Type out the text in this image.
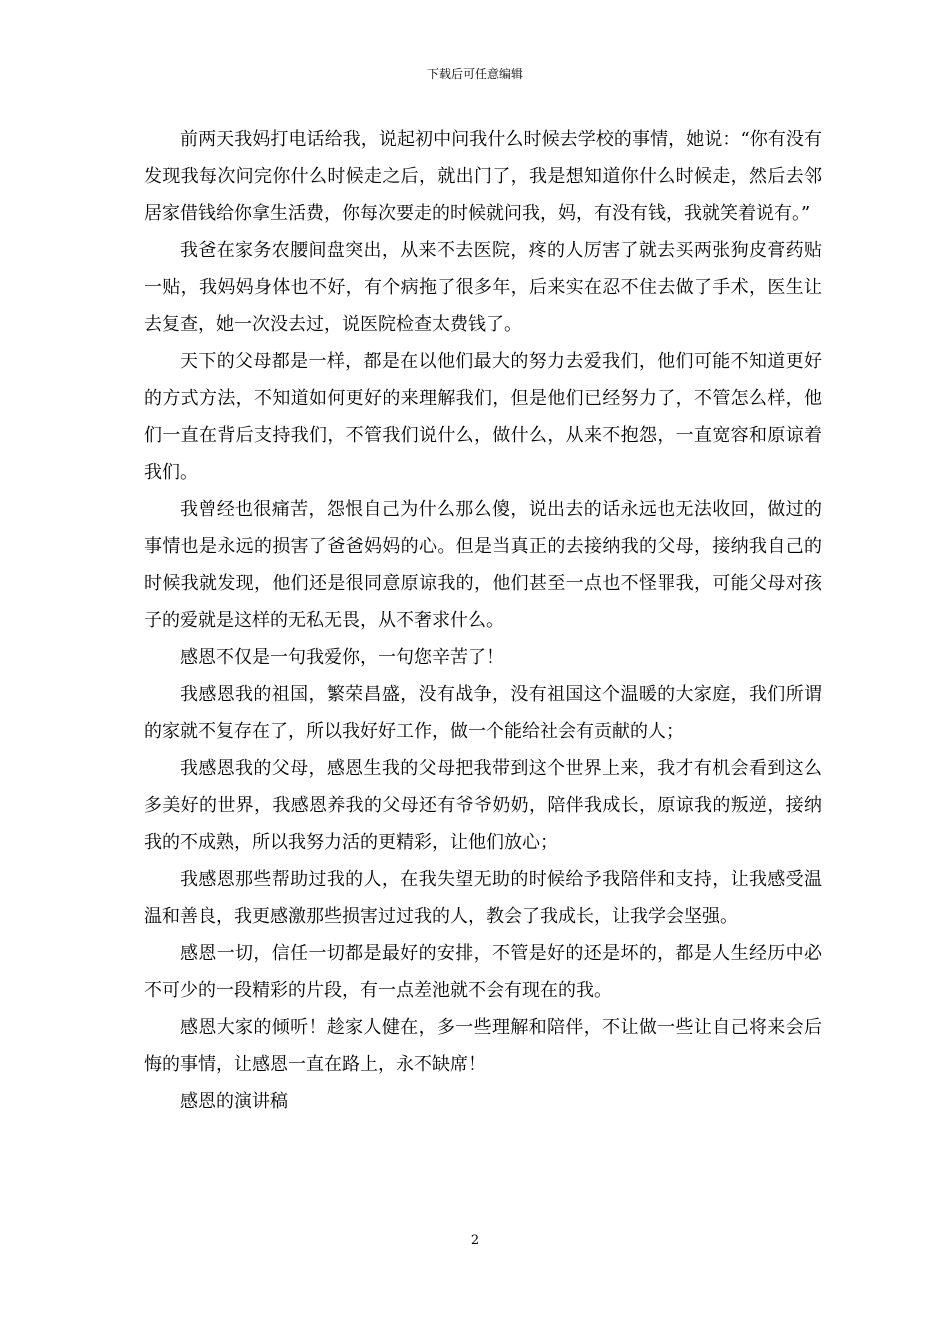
下载后可任意编辑

前两天我妈打电话给我，说起初中问我什么时候去学校的事情，她说：“你有没有发现我每次问完你什么时候走之后，就出门了，我是想知道你什么时候走，然后去邻居家借钱给你拿生活费，你每次要走的时候就问我，妈，有没有钱，我就笑着说有。”

我爸在家务农腰间盘突出，从来不去医院，疼的人厉害了就去买两张狗皮膏药贴一贴，我妈妈身体也不好，有个病拖了很多年，后来实在忍不住去做了手术，医生让去复查，她一次没去过，说医院检查太费钱了。

天下的父母都是一样，都是在以他们最大的努力去爱我们，他们可能不知道更好的方式方法，不知道如何更好的来理解我们，但是他们已经努力了，不管怎么样，他们一直在背后支持我们，不管我们说什么，做什么，从来不抱怨，一直宽容和原谅着我们。

我曾经也很痛苦，怨恨自己为什么那么傻，说出去的话永远也无法收回，做过的事情也是永远的损害了爸爸妈妈的心。但是当真正的去接纳我的父母，接纳我自己的时候我就发现，他们还是很同意原谅我的，他们甚至一点也不怪罪我，可能父母对孩子的爱就是这样的无私无畏，从不奢求什么。

感恩不仅是一句我爱你，一句您辛苦了！

我感恩我的祖国，繁荣昌盛，没有战争，没有祖国这个温暖的大家庭，我们所谓的家就不复存在了，所以我好好工作，做一个能给社会有贡献的人；

我感恩我的父母，感恩生我的父母把我带到这个世界上来，我才有机会看到这么多美好的世界，我感恩养我的父母还有爷爷奶奶，陪伴我成长，原谅我的叛逆，接纳我的不成熟，所以我努力活的更精彩，让他们放心；

我感恩那些帮助过我的人，在我失望无助的时候给予我陪伴和支持，让我感受温温和善良，我更感激那些损害过过我的人，教会了我成长，让我学会坚强。

感恩一切，信任一切都是最好的安排，不管是好的还是坏的，都是人生经历中必不可少的一段精彩的片段，有一点差池就不会有现在的我。

感恩大家的倾听！趁家人健在，多一些理解和陪伴，不让做一些让自己将来会后悔的事情，让感恩一直在路上，永不缺席！

感恩的演讲稿

2
